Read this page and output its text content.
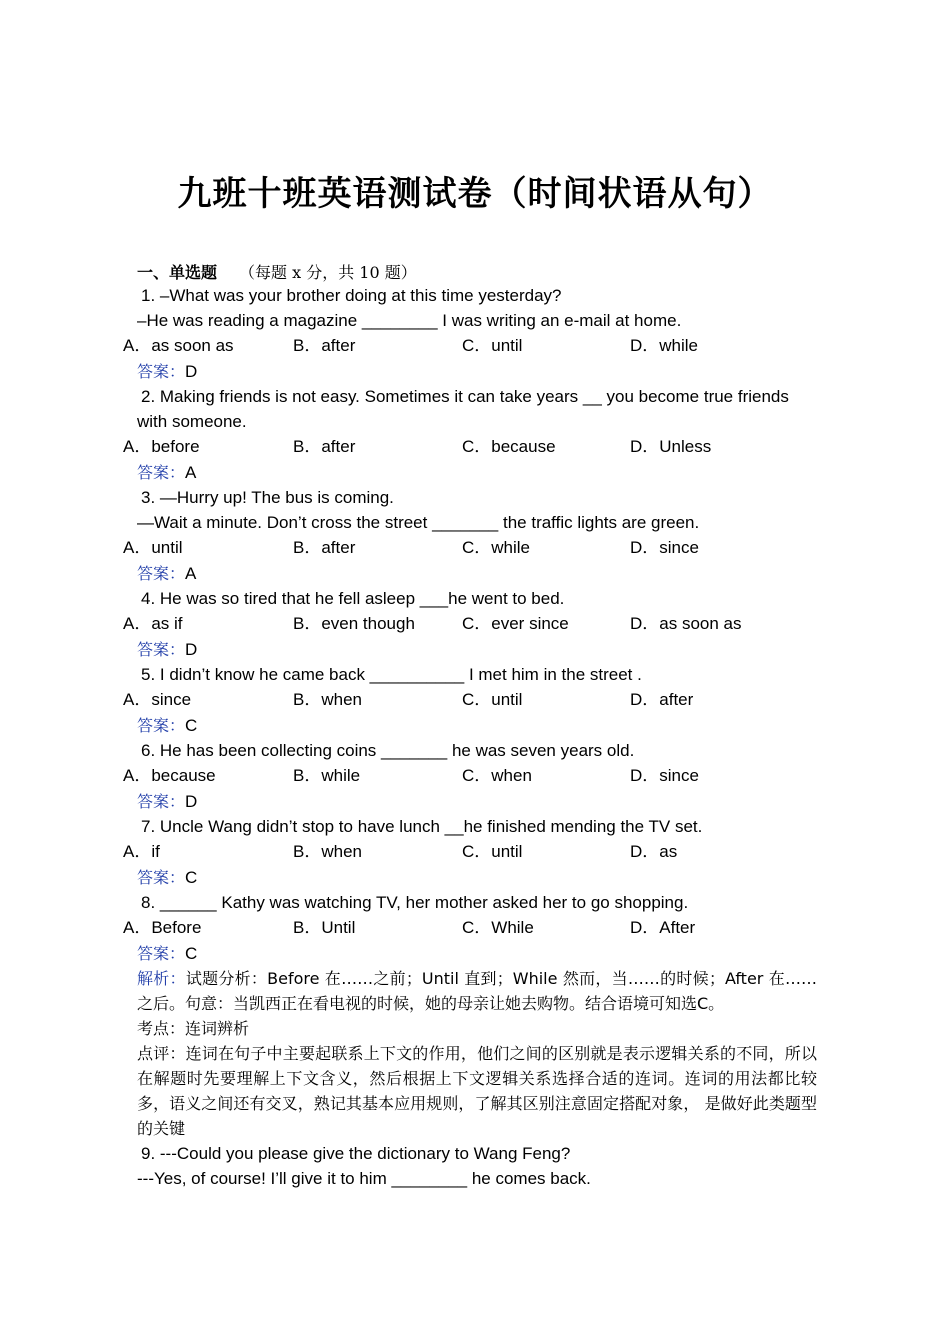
九班十班英语测试卷（时间状语从句）
一、单选题 （每题 x 分，共 10 题）
1. –What was your brother doing at this time yesterday?
–He was reading a magazine ________ I was writing an e-mail at home.
A．as soon as	B．after	C．until	D．while
答案：D
2. Making friends is not easy. Sometimes it can take years __ you become true friends
with someone.
A．before	B．after	C．because	D．Unless
答案：A
3. —Hurry up! The bus is coming.
—Wait a minute. Don’t cross the street _______ the traffic lights are green.
A．until	B．after	C．while	D．since
答案：A
4. He was so tired that he fell asleep ___he went to bed.
A．as if	B．even though	C．ever since	D．as soon as
答案：D
5. I didn’t know he came back __________ I met him in the street .
A．since	B．when	C．until	D．after
答案：C
6. He has been collecting coins _______ he was seven years old.
A．because	B．while	C．when	D．since
答案：D
7. Uncle Wang didn’t stop to have lunch __he finished mending the TV set.
A．if	B．when	C．until	D．as
答案：C
8. ______ Kathy was watching TV, her mother asked her to go shopping.
A．Before	B．Until	C．While	D．After
答案：C
解析：试题分析：Before 在……之前；Until 直到；While 然而，当……的时候；After 在……之后。句意：当凯西正在看电视的时候，她的母亲让她去购物。结合语境可知选C。
考点：连词辨析
点评：连词在句子中主要起联系上下文的作用，他们之间的区别就是表示逻辑关系的不同，所以在解题时先要理解上下文含义，然后根据上下文逻辑关系选择合适的连词。连词的用法都比较多，语义之间还有交叉，熟记其基本应用规则，了解其区别注意固定搭配对象， 是做好此类题型的关键
9. ---Could you please give the dictionary to Wang Feng?
---Yes, of course! I’ll give it to him ________ he comes back.
